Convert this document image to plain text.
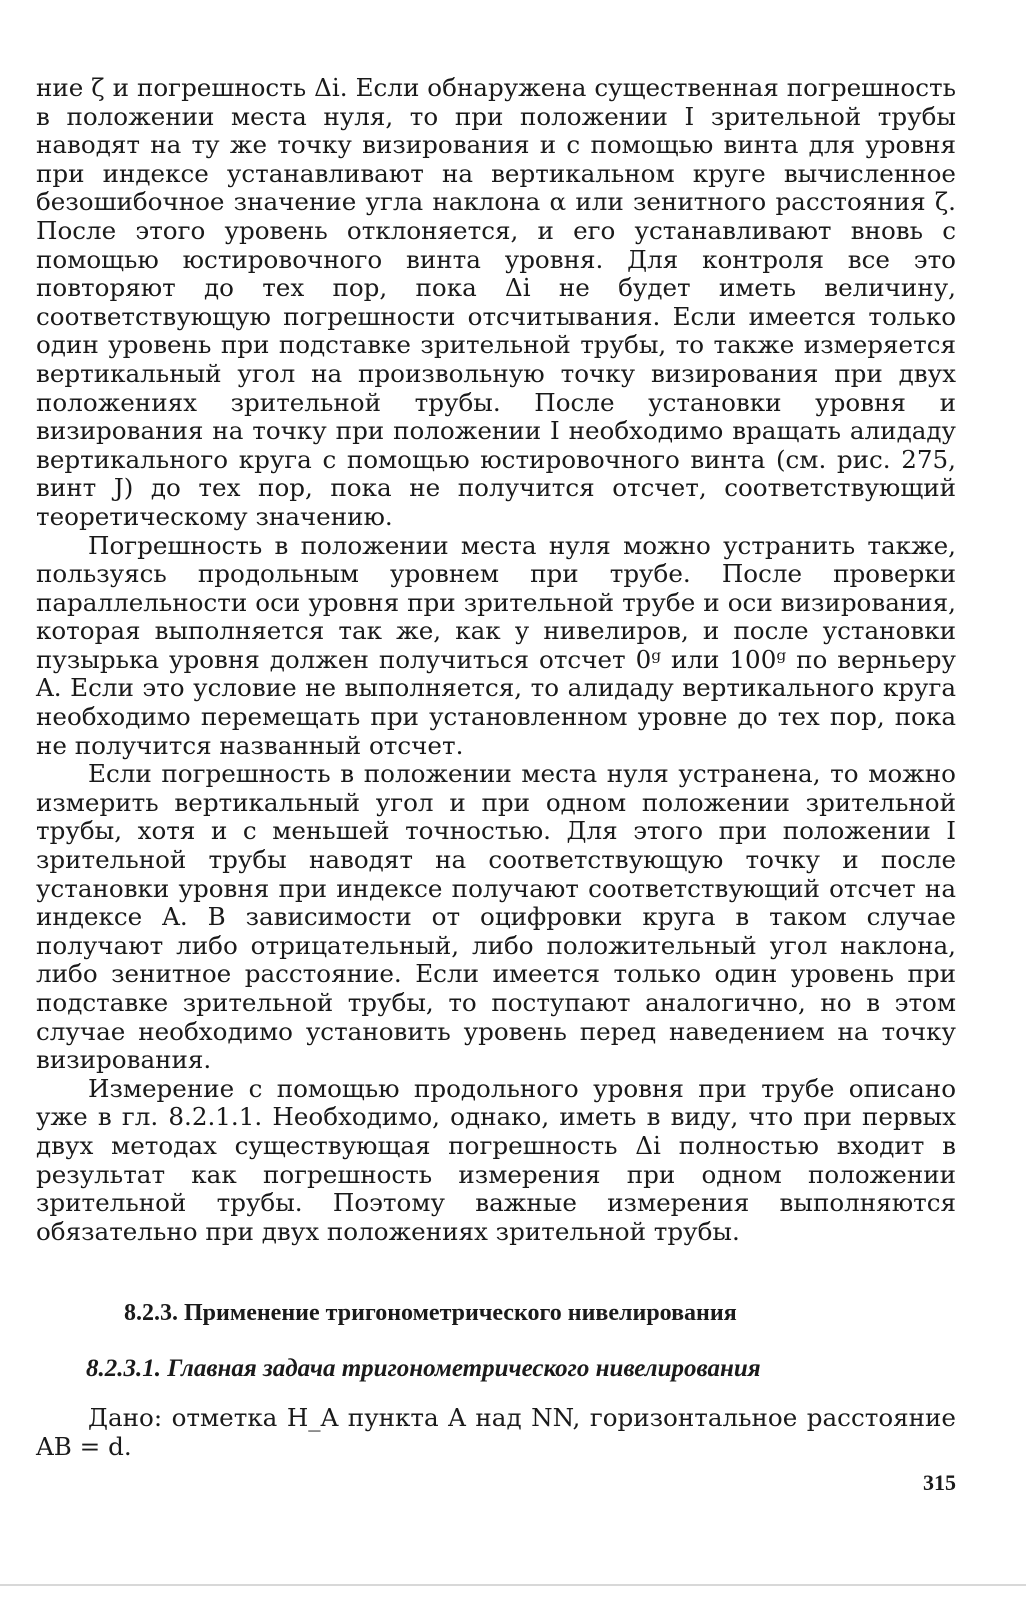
ние ζ и погрешность Δi. Если обнаружена существенная погрешность в положении места нуля, то при положении I зрительной трубы наводят на ту же точку визирования и с помощью винта для уровня при индексе устанавливают на вертикальном круге вычисленное безошибочное значение угла наклона α или зенитного расстояния ζ. После этого уровень отклоняется, и его устанавливают вновь с помощью юстировочного винта уровня. Для контроля все это повторяют до тех пор, пока Δi не будет иметь величину, соответствующую погрешности отсчитывания. Если имеется только один уровень при подставке зрительной трубы, то также измеряется вертикальный угол на произвольную точку визирования при двух положениях зрительной трубы. После установки уровня и визирования на точку при положении I необходимо вращать алидаду вертикального круга с помощью юстировочного винта (см. рис. 275, винт J) до тех пор, пока не получится отсчет, соответствующий теоретическому значению.

Погрешность в положении места нуля можно устранить также, пользуясь продольным уровнем при трубе. После проверки параллельности оси уровня при зрительной трубе и оси визирования, которая выполняется так же, как у нивелиров, и после установки пузырька уровня должен получиться отсчет 0ᵍ или 100ᵍ по верньеру A. Если это условие не выполняется, то алидаду вертикального круга необходимо перемещать при установленном уровне до тех пор, пока не получится названный отсчет.

Если погрешность в положении места нуля устранена, то можно измерить вертикальный угол и при одном положении зрительной трубы, хотя и с меньшей точностью. Для этого при положении I зрительной трубы наводят на соответствующую точку и после установки уровня при индексе получают соответствующий отсчет на индексе A. В зависимости от оцифровки круга в таком случае получают либо отрицательный, либо положительный угол наклона, либо зенитное расстояние. Если имеется только один уровень при подставке зрительной трубы, то поступают аналогично, но в этом случае необходимо установить уровень перед наведением на точку визирования.

Измерение с помощью продольного уровня при трубе описано уже в гл. 8.2.1.1. Необходимо, однако, иметь в виду, что при первых двух методах существующая погрешность Δi полностью входит в результат как погрешность измерения при одном положении зрительной трубы. Поэтому важные измерения выполняются обязательно при двух положениях зрительной трубы.

8.2.3. Применение тригонометрического нивелирования
8.2.3.1. Главная задача тригонометрического нивелирования

Дано: отметка H_A пункта A над NN, горизонтальное расстояние AB = d.

315
